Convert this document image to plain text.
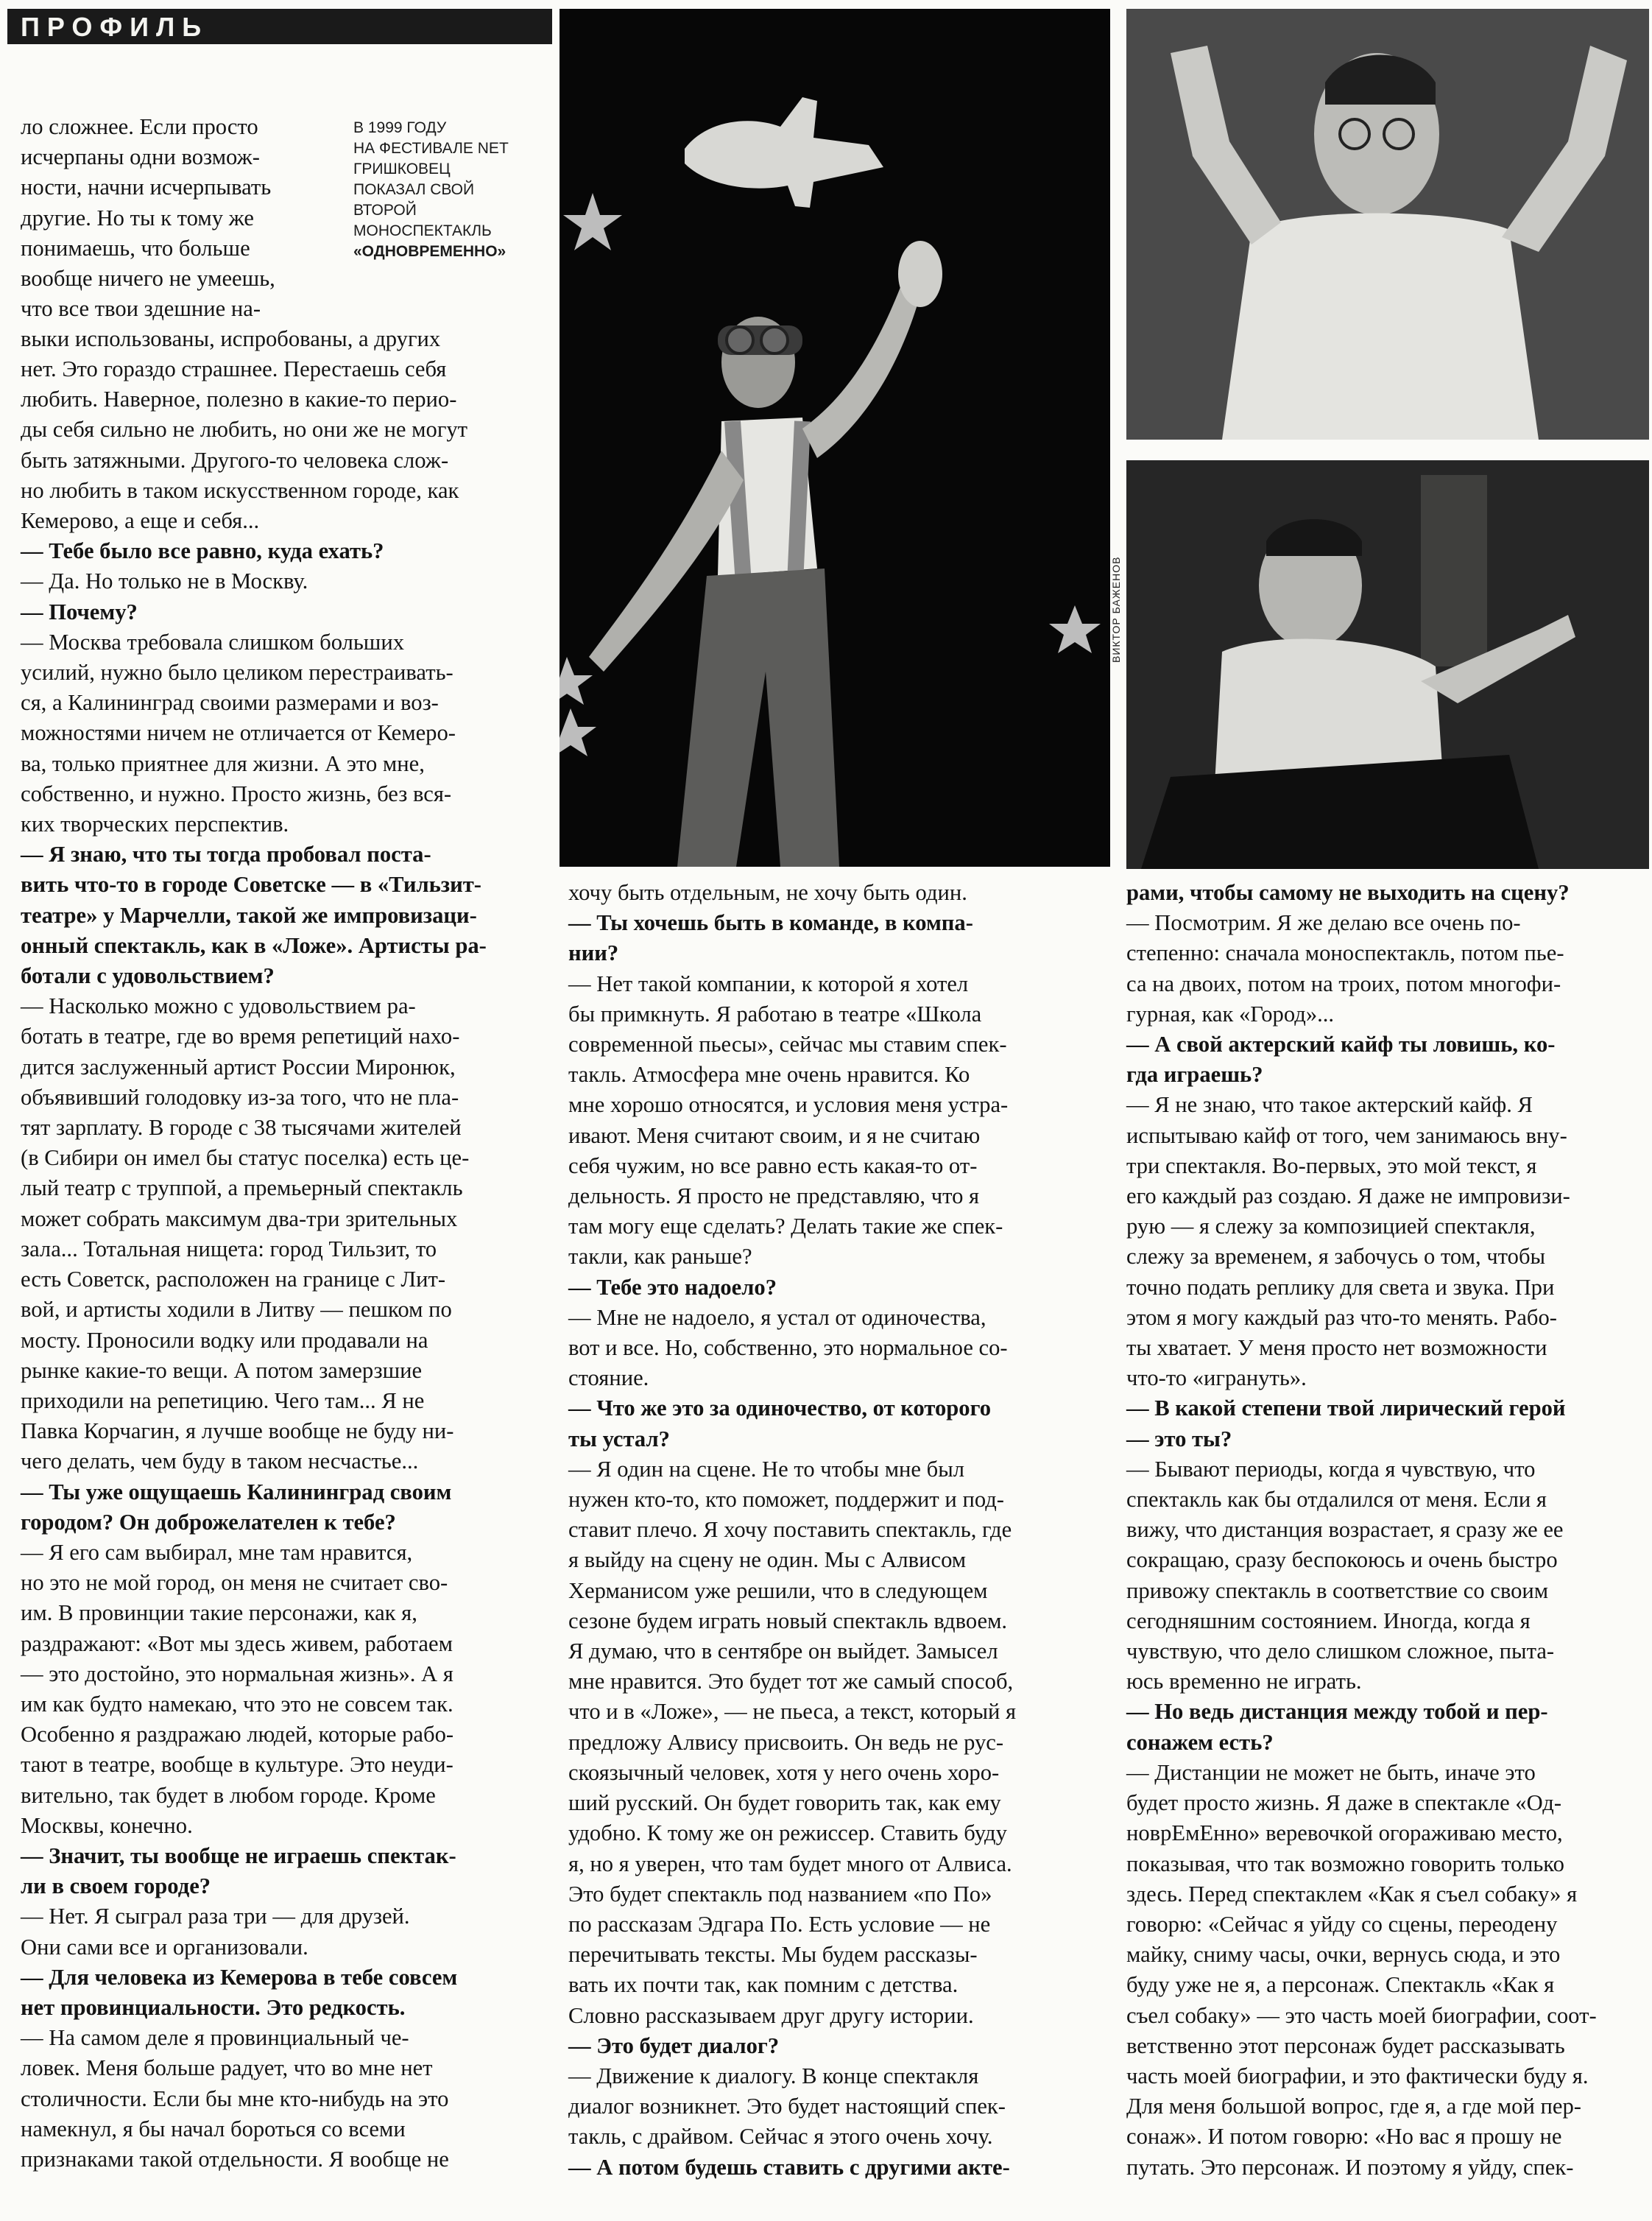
ПРОФИЛЬ
В 1999 ГОДУ
НА ФЕСТИВАЛЕ NET
ГРИШКОВЕЦ
ПОКАЗАЛ СВОЙ
ВТОРОЙ
МОНОСПЕКТАКЛЬ
«ОДНОВРЕМЕННО»

ло сложнее. Если просто

исчерпаны одни возмож-

ности, начни исчерпывать

другие. Но ты к тому же

понимаешь, что больше

вообще ничего не умеешь,

что все твои здешние на-

выки использованы, испробованы, а других

нет. Это гораздо страшнее. Перестаешь себя

любить. Наверное, полезно в какие-то перио-

ды себя сильно не любить, но они же не могут

быть затяжными. Другого-то человека слож-

но любить в таком искусственном городе, как

Кемерово, а еще и себя...

— Тебе было все равно, куда ехать?

— Да. Но только не в Москву.

— Почему?

— Москва требовала слишком больших

усилий, нужно было целиком перестраивать-

ся, а Калининград своими размерами и воз-

можностями ничем не отличается от Кемеро-

ва, только приятнее для жизни. А это мне,

собственно, и нужно. Просто жизнь, без вся-

ких творческих перспектив.

— Я знаю, что ты тогда пробовал поста-

вить что-то в городе Советске — в «Тильзит-

театре» у Марчелли, такой же импровизаци-

онный спектакль, как в «Ложе». Артисты ра-

ботали с удовольствием?

— Насколько можно с удовольствием ра-

ботать в театре, где во время репетиций нахо-

дится заслуженный артист России Миронюк,

объявивший голодовку из-за того, что не пла-

тят зарплату. В городе с 38 тысячами жителей

(в Сибири он имел бы статус поселка) есть це-

лый театр с труппой, а премьерный спектакль

может собрать максимум два-три зрительных

зала... Тотальная нищета: город Тильзит, то

есть Советск, расположен на границе с Лит-

вой, и артисты ходили в Литву — пешком по

мосту. Проносили водку или продавали на

рынке какие-то вещи. А потом замерзшие

приходили на репетицию. Чего там... Я не

Павка Корчагин, я лучше вообще не буду ни-

чего делать, чем буду в таком несчастье...

— Ты уже ощущаешь Калининград своим

городом? Он доброжелателен к тебе?

— Я его сам выбирал, мне там нравится,

но это не мой город, он меня не считает сво-

им. В провинции такие персонажи, как я,

раздражают: «Вот мы здесь живем, работаем

— это достойно, это нормальная жизнь». А я

им как будто намекаю, что это не совсем так.

Особенно я раздражаю людей, которые рабо-

тают в театре, вообще в культуре. Это неуди-

вительно, так будет в любом городе. Кроме

Москвы, конечно.

— Значит, ты вообще не играешь спектак-

ли в своем городе?

— Нет. Я сыграл раза три — для друзей.

Они сами все и организовали.

— Для человека из Кемерова в тебе совсем

нет провинциальности. Это редкость.

— На самом деле я провинциальный че-

ловек. Меня больше радует, что во мне нет

столичности. Если бы мне кто-нибудь на это

намекнул, я бы начал бороться со всеми

признаками такой отдельности. Я вообще не

хочу быть отдельным, не хочу быть один.

— Ты хочешь быть в команде, в компа-

нии?

— Нет такой компании, к которой я хотел

бы примкнуть. Я работаю в театре «Школа

современной пьесы», сейчас мы ставим спек-

такль. Атмосфера мне очень нравится. Ко

мне хорошо относятся, и условия меня устра-

ивают. Меня считают своим, и я не считаю

себя чужим, но все равно есть какая-то от-

дельность. Я просто не представляю, что я

там могу еще сделать? Делать такие же спек-

такли, как раньше?

— Тебе это надоело?

— Мне не надоело, я устал от одиночества,

вот и все. Но, собственно, это нормальное со-

стояние.

— Что же это за одиночество, от которого

ты устал?

— Я один на сцене. Не то чтобы мне был

нужен кто-то, кто поможет, поддержит и под-

ставит плечо. Я хочу поставить спектакль, где

я выйду на сцену не один. Мы с Алвисом

Херманисом уже решили, что в следующем

сезоне будем играть новый спектакль вдвоем.

Я думаю, что в сентябре он выйдет. Замысел

мне нравится. Это будет тот же самый способ,

что и в «Ложе», — не пьеса, а текст, который я

предложу Алвису присвоить. Он ведь не рус-

скоязычный человек, хотя у него очень хоро-

ший русский. Он будет говорить так, как ему

удобно. К тому же он режиссер. Ставить буду

я, но я уверен, что там будет много от Алвиса.

Это будет спектакль под названием «по По»

по рассказам Эдгара По. Есть условие — не

перечитывать тексты. Мы будем рассказы-

вать их почти так, как помним с детства.

Словно рассказываем друг другу истории.

— Это будет диалог?

— Движение к диалогу. В конце спектакля

диалог возникнет. Это будет настоящий спек-

такль, с драйвом. Сейчас я этого очень хочу.

— А потом будешь ставить с другими акте-

рами, чтобы самому не выходить на сцену?

— Посмотрим. Я же делаю все очень по-

степенно: сначала моноспектакль, потом пье-

са на двоих, потом на троих, потом многофи-

гурная, как «Город»...

— А свой актерский кайф ты ловишь, ко-

гда играешь?

— Я не знаю, что такое актерский кайф. Я

испытываю кайф от того, чем занимаюсь вну-

три спектакля. Во-первых, это мой текст, я

его каждый раз создаю. Я даже не импровизи-

рую — я слежу за композицией спектакля,

слежу за временем, я забочусь о том, чтобы

точно подать реплику для света и звука. При

этом я могу каждый раз что-то менять. Рабо-

ты хватает. У меня просто нет возможности

что-то «игрануть».

— В какой степени твой лирический герой

— это ты?

— Бывают периоды, когда я чувствую, что

спектакль как бы отдалился от меня. Если я

вижу, что дистанция возрастает, я сразу же ее

сокращаю, сразу беспокоюсь и очень быстро

привожу спектакль в соответствие со своим

сегодняшним состоянием. Иногда, когда я

чувствую, что дело слишком сложное, пыта-

юсь временно не играть.

— Но ведь дистанция между тобой и пер-

сонажем есть?

— Дистанции не может не быть, иначе это

будет просто жизнь. Я даже в спектакле «Од-

новрЕмЕнно» веревочкой огораживаю место,

показывая, что так возможно говорить только

здесь. Перед спектаклем «Как я съел собаку» я

говорю: «Сейчас я уйду со сцены, переодену

майку, сниму часы, очки, вернусь сюда, и это

буду уже не я, а персонаж. Спектакль «Как я

съел собаку» — это часть моей биографии, соот-

ветственно этот персонаж будет рассказывать

часть моей биографии, и это фактически буду я.

Для меня большой вопрос, где я, а где мой пер-

сонаж». И потом говорю: «Но вас я прошу не

путать. Это персонаж. И поэтому я уйду, спек-

ВИКТОР БАЖЕНОВ
